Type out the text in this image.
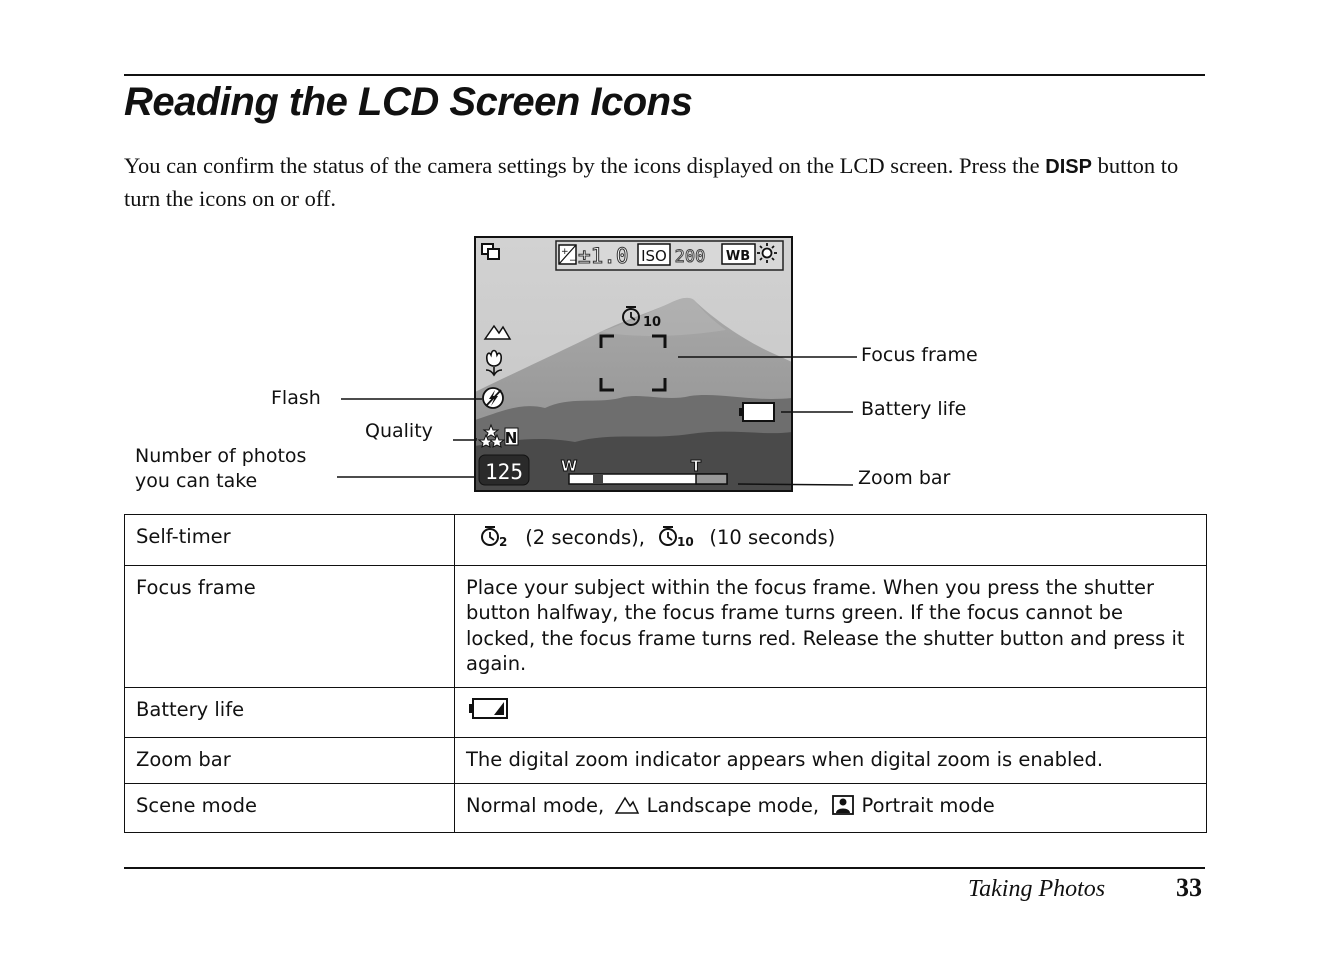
Reading the LCD Screen Icons
You can confirm the status of the camera settings by the icons displayed on the LCD screen. Press the DISP button to turn the icons on or off.
+
− ±1.0 ISO 200 WB
10
N
125	W	T
Focus frame
Battery life
Zoom bar
Flash
Quality
Number of photos
you can take
Self-timer	2 (2 seconds), 10 (10 seconds)
Focus frame	Place your subject within the focus frame. When you press the shutter button halfway, the focus frame turns green. If the focus cannot be locked, the focus frame turns red. Release the shutter button and press it again.
Battery life	
Zoom bar	The digital zoom indicator appears when digital zoom is enabled.
Scene mode	Normal mode, Landscape mode, Portrait mode
Taking Photos	33
